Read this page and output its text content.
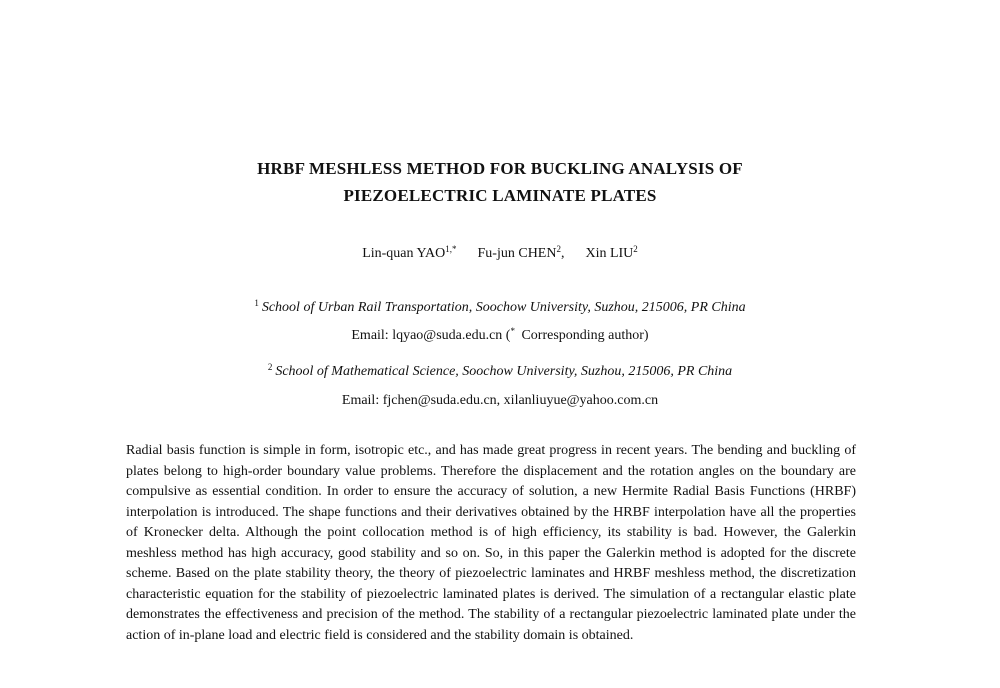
HRBF MESHLESS METHOD FOR BUCKLING ANALYSIS OF
PIEZOELECTRIC LAMINATE PLATES
Lin-quan $YAO^{1,*}$ Fu-jun CHEN$^2$, Xin LIU$^2$
$^1$ School of Urban Rail Transportation, Soochow University, Suzhou, 215006, PR China
Email: lqyao@suda.edu.cn (* Corresponding author)
$^2$ School of Mathematical Science, Soochow University, Suzhou, 215006, PR China
Email: fjchen@suda.edu.cn, xilanliuyue@yahoo.com.cn

Radial basis function is simple in form, isotropic etc., and has made great progress in recent years. The bending and buckling of plates belong to high-order boundary value problems. Therefore the displacement and the rotation angles on the boundary are compulsive as essential condition. In order to ensure the accuracy of solution, a new Hermite Radial Basis Functions (HRBF) interpolation is introduced. The shape functions and their derivatives obtained by the HRBF interpolation have all the properties of Kronecker delta. Although the point collocation method is of high efficiency, its stability is bad. However, the Galerkin meshless method has high accuracy, good stability and so on. So, in this paper the Galerkin method is adopted for the discrete scheme. Based on the plate stability theory, the theory of piezoelectric laminates and HRBF meshless method, the discretization characteristic equation for the stability of piezoelectric laminated plates is derived. The simulation of a rectangular elastic plate demonstrates the effectiveness and precision of the method. The stability of a rectangular piezoelectric laminated plate under the action of in-plane load and electric field is considered and the stability domain is obtained.
